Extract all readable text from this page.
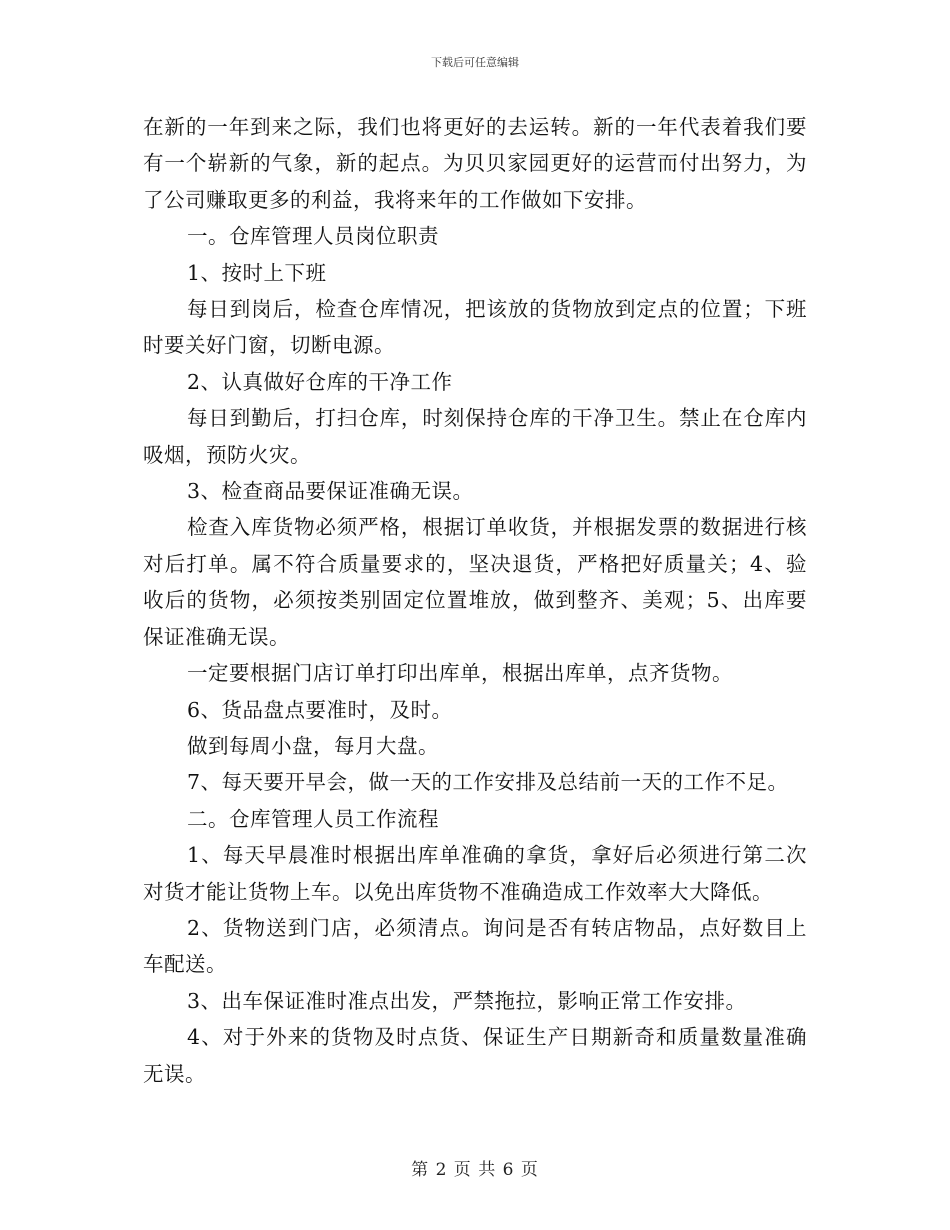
下载后可任意编辑

在新的一年到来之际，我们也将更好的去运转。新的一年代表着我们要有一个崭新的气象，新的起点。为贝贝家园更好的运营而付出努力，为了公司赚取更多的利益，我将来年的工作做如下安排。

一。仓库管理人员岗位职责

1、按时上下班

每日到岗后，检查仓库情况，把该放的货物放到定点的位置；下班时要关好门窗，切断电源。

2、认真做好仓库的干净工作

每日到勤后，打扫仓库，时刻保持仓库的干净卫生。禁止在仓库内吸烟，预防火灾。

3、检查商品要保证准确无误。

检查入库货物必须严格，根据订单收货，并根据发票的数据进行核对后打单。属不符合质量要求的，坚决退货，严格把好质量关；4、验收后的货物，必须按类别固定位置堆放，做到整齐、美观；5、出库要保证准确无误。

一定要根据门店订单打印出库单，根据出库单，点齐货物。

6、货品盘点要准时，及时。

做到每周小盘，每月大盘。

7、每天要开早会，做一天的工作安排及总结前一天的工作不足。

二。仓库管理人员工作流程

1、每天早晨准时根据出库单准确的拿货，拿好后必须进行第二次对货才能让货物上车。以免出库货物不准确造成工作效率大大降低。

2、货物送到门店，必须清点。询问是否有转店物品，点好数目上车配送。

3、出车保证准时准点出发，严禁拖拉，影响正常工作安排。

4、对于外来的货物及时点货、保证生产日期新奇和质量数量准确无误。

第 2 页 共 6 页
